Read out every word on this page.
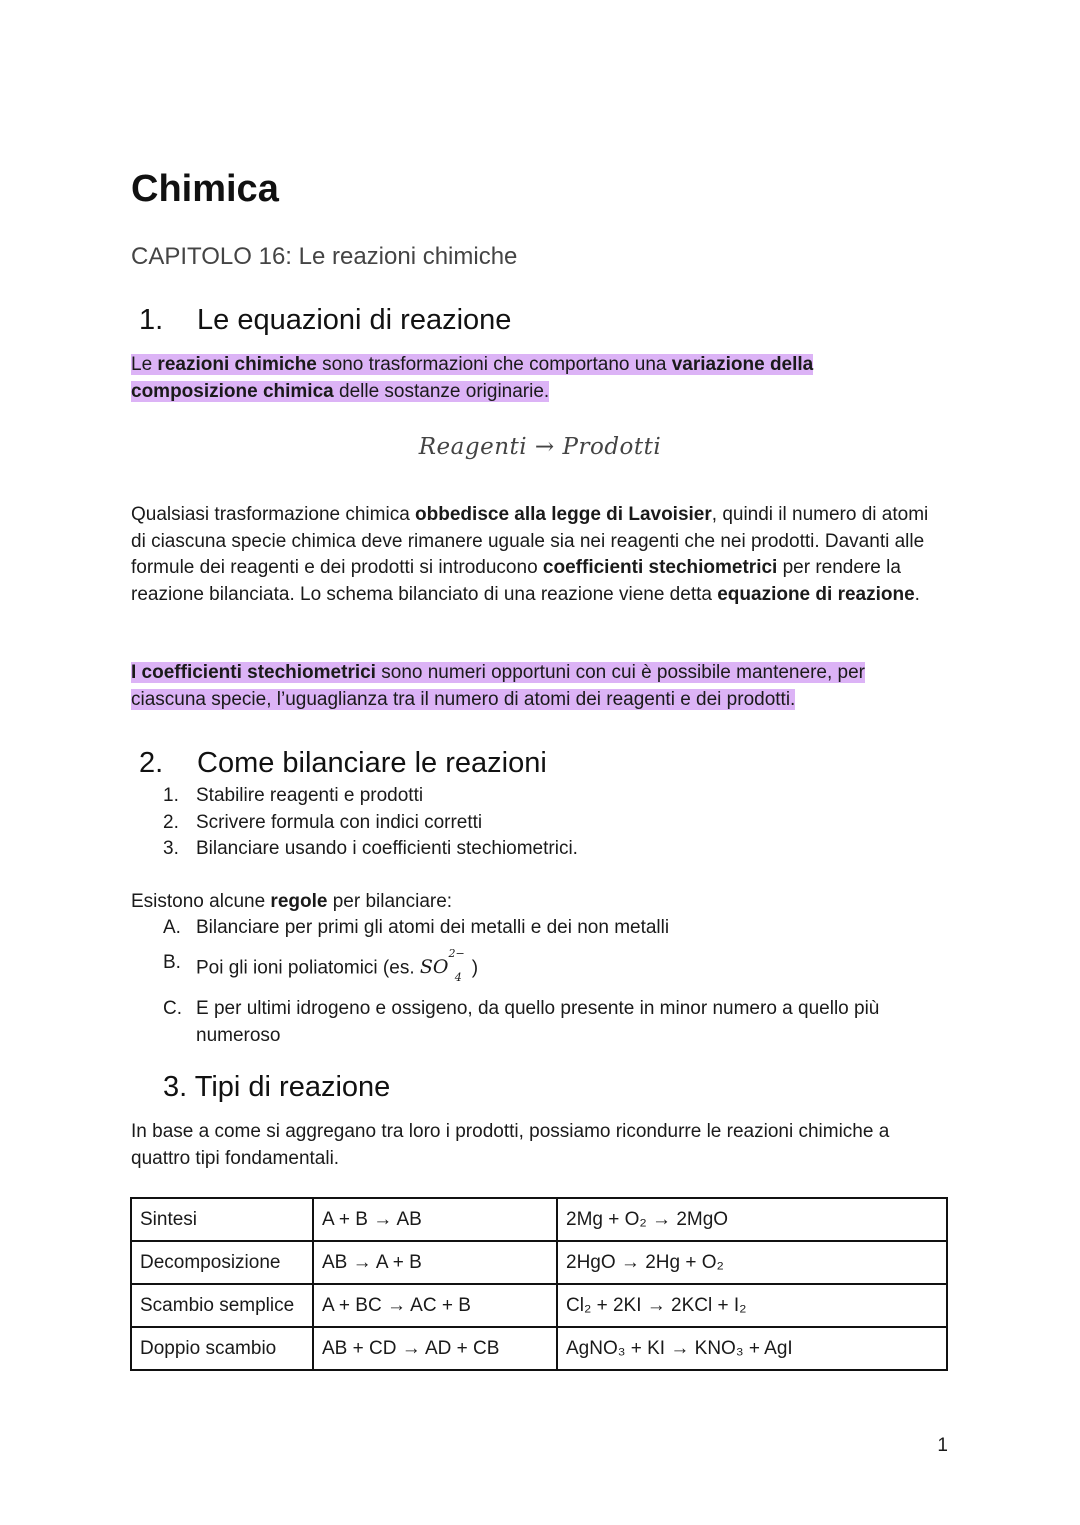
Chimica
CAPITOLO 16: Le reazioni chimiche
1. Le equazioni di reazione
Le reazioni chimiche sono trasformazioni che comportano una variazione della composizione chimica delle sostanze originarie.
Reagenti → Prodotti
Qualsiasi trasformazione chimica obbedisce alla legge di Lavoisier, quindi il numero di atomi di ciascuna specie chimica deve rimanere uguale sia nei reagenti che nei prodotti. Davanti alle formule dei reagenti e dei prodotti si introducono coefficienti stechiometrici per rendere la reazione bilanciata. Lo schema bilanciato di una reazione viene detta equazione di reazione.
I coefficienti stechiometrici sono numeri opportuni con cui è possibile mantenere, per ciascuna specie, l’uguaglianza tra il numero di atomi dei reagenti e dei prodotti.
2. Come bilanciare le reazioni
1. Stabilire reagenti e prodotti
2. Scrivere formula con indici corretti
3. Bilanciare usando i coefficienti stechiometrici.
Esistono alcune regole per bilanciare:
A. Bilanciare per primi gli atomi dei metalli e dei non metalli
B. Poi gli ioni poliatomici (es. $SO^{2-}_4$ )
C. E per ultimi idrogeno e ossigeno, da quello presente in minor numero a quello più numeroso
3. Tipi di reazione
In base a come si aggregano tra loro i prodotti, possiamo ricondurre le reazioni chimiche a quattro tipi fondamentali.
Sintesi	A + B → AB	2Mg + O₂ → 2MgO
Decomposizione	AB → A + B	2HgO → 2Hg + O₂
Scambio semplice	A + BC → AC + B	Cl₂ + 2KI → 2KCl + I₂
Doppio scambio	AB + CD → AD + CB	AgNO₃ + KI → KNO₃ + AgI
1
